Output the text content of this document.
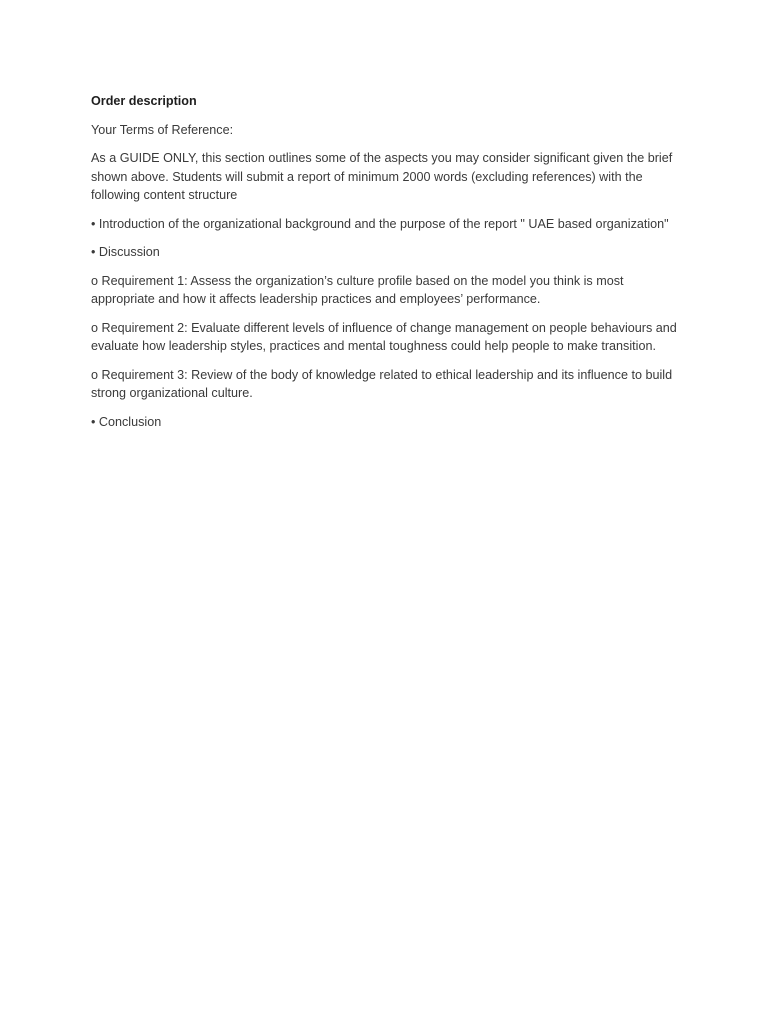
Order description

Your Terms of Reference:

As a GUIDE ONLY, this section outlines some of the aspects you may consider significant given the brief shown above. Students will submit a report of minimum 2000 words (excluding references) with the following content structure

• Introduction of the organizational background and the purpose of the report " UAE based organization"

• Discussion

o Requirement 1: Assess the organization’s culture profile based on the model you think is most appropriate and how it affects leadership practices and employees’ performance.

o Requirement 2: Evaluate different levels of influence of change management on people behaviours and evaluate how leadership styles, practices and mental toughness could help people to make transition.

o Requirement 3: Review of the body of knowledge related to ethical leadership and its influence to build strong organizational culture.

• Conclusion
